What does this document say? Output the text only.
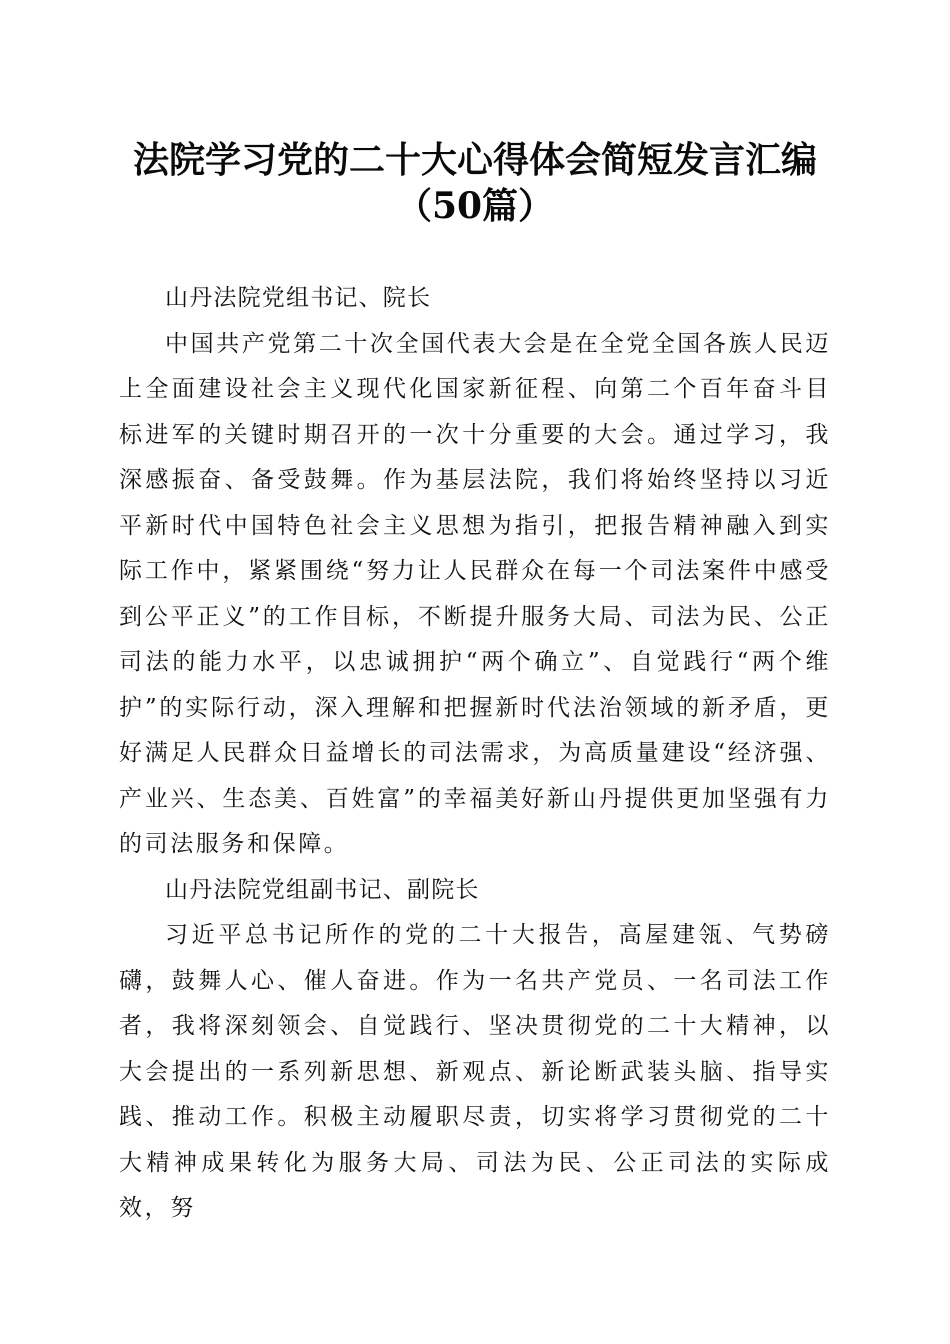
法院学习党的二十大心得体会简短发言汇编
（50篇）

山丹法院党组书记、院长

中国共产党第二十次全国代表大会是在全党全国各族人民迈上全面建设社会主义现代化国家新征程、向第二个百年奋斗目标进军的关键时期召开的一次十分重要的大会。通过学习，我深感振奋、备受鼓舞。作为基层法院，我们将始终坚持以习近平新时代中国特色社会主义思想为指引，把报告精神融入到实际工作中，紧紧围绕“努力让人民群众在每一个司法案件中感受到公平正义”的工作目标，不断提升服务大局、司法为民、公正司法的能力水平，以忠诚拥护“两个确立”、自觉践行“两个维护”的实际行动，深入理解和把握新时代法治领域的新矛盾，更好满足人民群众日益增长的司法需求，为高质量建设“经济强、产业兴、生态美、百姓富”的幸福美好新山丹提供更加坚强有力的司法服务和保障。

山丹法院党组副书记、副院长

习近平总书记所作的党的二十大报告，高屋建瓴、气势磅礴，鼓舞人心、催人奋进。作为一名共产党员、一名司法工作者，我将深刻领会、自觉践行、坚决贯彻党的二十大精神，以大会提出的一系列新思想、新观点、新论断武装头脑、指导实践、推动工作。积极主动履职尽责，切实将学习贯彻党的二十大精神成果转化为服务大局、司法为民、公正司法的实际成效，努
